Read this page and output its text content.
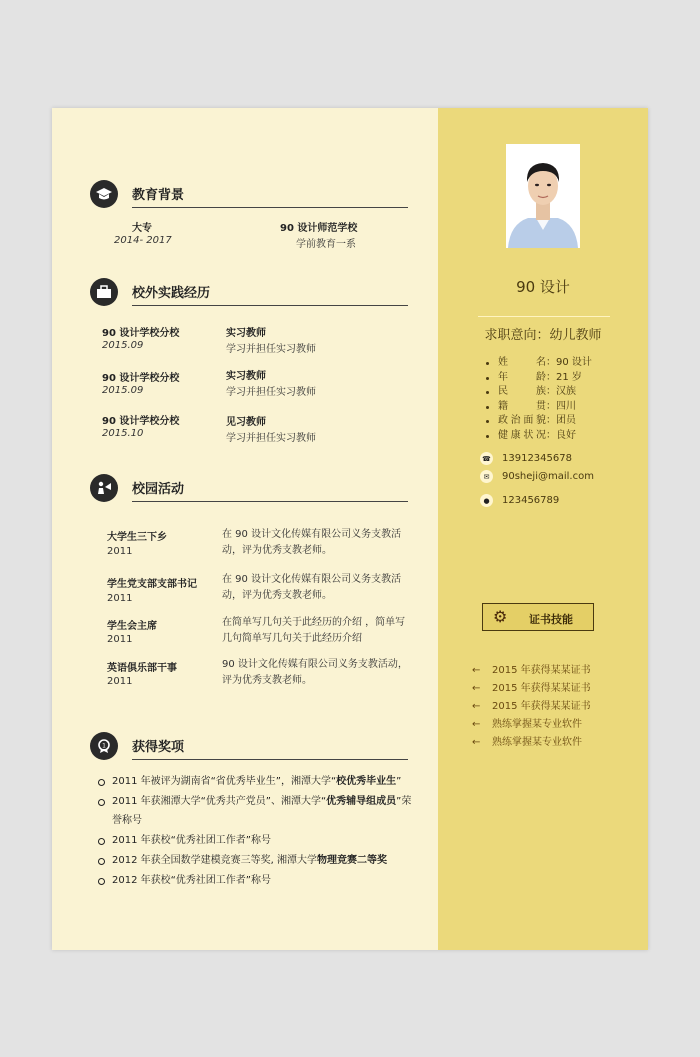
教育背景
大专
2014- 2017
90 设计师范学校
学前教育一系
校外实践经历
90 设计学校分校
2015.09
实习教师
学习并担任实习教师
90 设计学校分校
2015.09
实习教师
学习并担任实习教师
90 设计学校分校
2015.10
见习教师
学习并担任实习教师
校园活动
大学生三下乡
2011
在 90 设计文化传媒有限公司义务支教活动，评为优秀支教老师。
学生党支部支部书记
2011
在 90 设计文化传媒有限公司义务支教活动，评为优秀支教老师。
学生会主席
2011
在简单写几句关于此经历的介绍 ，简单写几句简单写几句关于此经历介绍
英语俱乐部干事
2011
90 设计文化传媒有限公司义务支教活动，评为优秀支教老师。
1 获得奖项
2011 年被评为湖南省“省优秀毕业生”，湘潭大学“校优秀毕业生”
2011 年获湘潭大学“优秀共产党员”、湘潭大学“优秀辅导组成员”荣誉称号
2011 年获校“优秀社团工作者”称号
2012 年获全国数学建模竞赛三等奖, 湘潭大学物理竞赛二等奖
2012 年获校“优秀社团工作者”称号
90 设计
求职意向：幼儿教师
姓名：90 设计
年龄：21 岁
民族：汉族
籍贯：四川
政治面貌：团员
健康状况：良好
☎ 13912345678
✉	90sheji@mail.com
●	123456789
⚙ 证书技能
← 2015 年获得某某证书
← 2015 年获得某某证书
← 2015 年获得某某证书
← 熟练掌握某专业软件
← 熟练掌握某专业软件
